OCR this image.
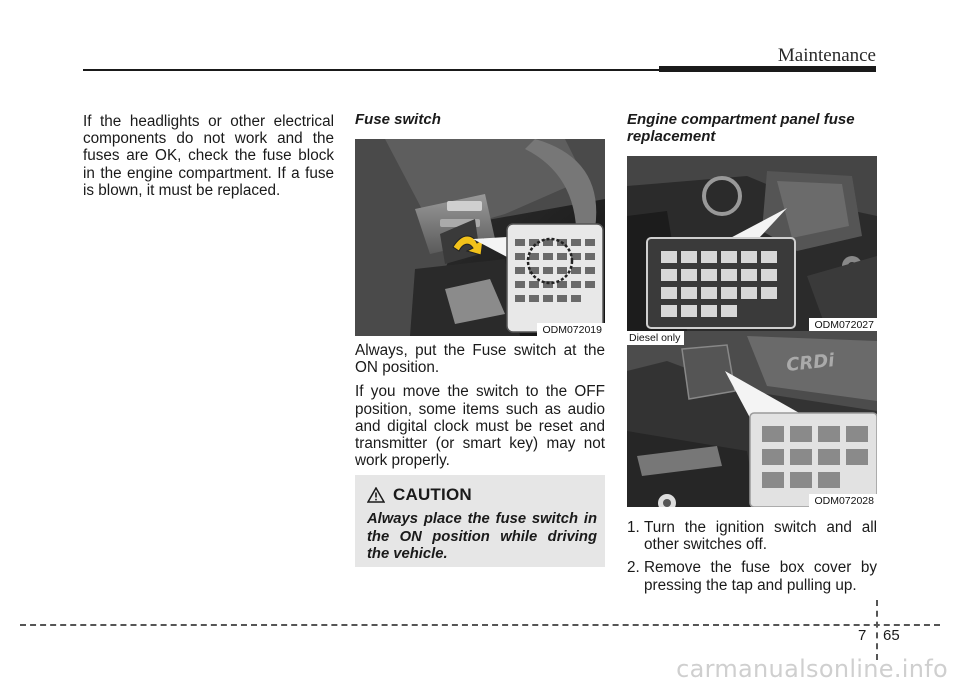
Maintenance

If the headlights or other electrical components do not work and the fuses are OK, check the fuse block in the engine compartment. If a fuse is blown, it must be replaced.

Fuse switch
ODM072019

Always, put the Fuse switch at the ON position.

If you move the switch to the OFF position, some items such as audio and digital clock must be reset and transmitter (or smart key) may not work properly.

CAUTION
Always place the fuse switch in the ON position while driving the vehicle.
Engine compartment panel fuse replacement
ODM072027
CRDi
Diesel only
ODM072028
1. Turn the ignition switch and all other switches off.
2. Remove the fuse box cover by pressing the tap and pulling up.
7 65
carmanualsonline.info
